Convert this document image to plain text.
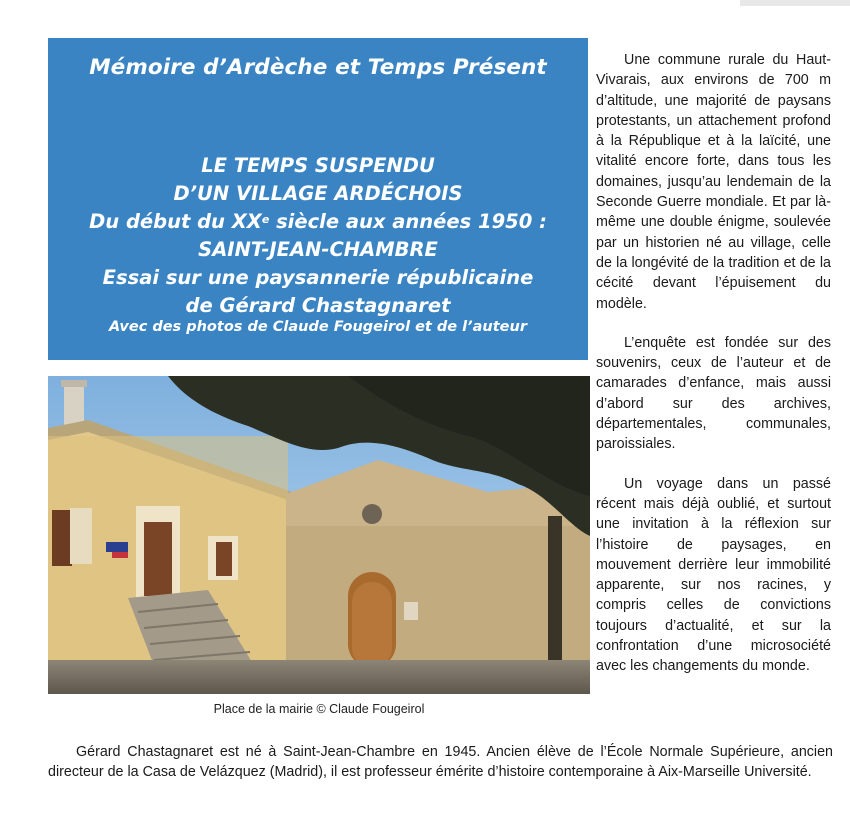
Mémoire d’Ardèche et Temps Présent
LE TEMPS SUSPENDU
D’UN VILLAGE ARDÉCHOIS
Du début du XXe siècle aux années 1950 :
SAINT-JEAN-CHAMBRE
Essai sur une paysannerie républicaine
de Gérard Chastagnaret
Avec des photos de Claude Fougeirol et de l’auteur
Place de la mairie © Claude Fougeirol

Une commune rurale du Haut-Vivarais, aux environs de 700 m d’altitude, une majorité de paysans protestants, un attachement profond à la République et à la laïcité, une vitalité encore forte, dans tous les domaines, jusqu’au lendemain de la Seconde Guerre mondiale. Et par là-même une double énigme, soulevée par un historien né au village, celle de la longévité de la tradition et de la cécité devant l’épuisement du modèle.

L’enquête est fondée sur des souvenirs, ceux de l’auteur et de camarades d’enfance, mais aussi d’abord sur des archives, départementales, communales, paroissiales.

Un voyage dans un passé récent mais déjà oublié, et surtout une invitation à la réflexion sur l’histoire de paysages, en mouvement derrière leur immobilité apparente, sur nos racines, y compris celles de convictions toujours d’actualité, et sur la confrontation d’une microsociété avec les changements du monde.

Gérard Chastagnaret est né à Saint-Jean-Chambre en 1945. Ancien élève de l’École Normale Supérieure, ancien directeur de la Casa de Velázquez (Madrid), il est professeur émérite d’histoire contemporaine à Aix-Marseille Université.
